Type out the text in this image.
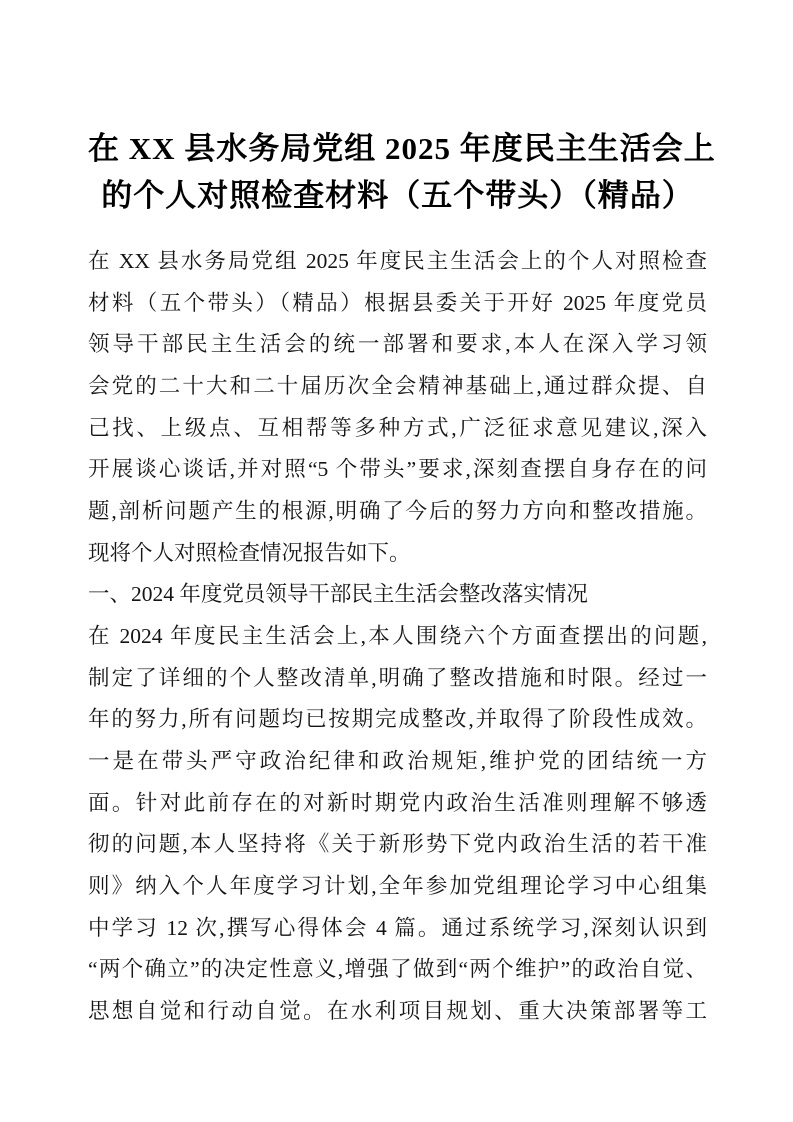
在 XX 县水务局党组 2025 年度民主生活会上
的个人对照检查材料（五个带头）（精品）
在 XX 县水务局党组 2025 年度民主生活会上的个人对照检查
材料（五个带头）（精品）根据县委关于开好 2025 年度党员
领导干部民主生活会的统一部署和要求,本人在深入学习领
会党的二十大和二十届历次全会精神基础上,通过群众提、自
己找、上级点、互相帮等多种方式,广泛征求意见建议,深入
开展谈心谈话,并对照“5 个带头”要求,深刻查摆自身存在的问
题,剖析问题产生的根源,明确了今后的努力方向和整改措施。
现将个人对照检查情况报告如下。
一、2024 年度党员领导干部民主生活会整改落实情况
在 2024 年度民主生活会上,本人围绕六个方面查摆出的问题,
制定了详细的个人整改清单,明确了整改措施和时限。经过一
年的努力,所有问题均已按期完成整改,并取得了阶段性成效。
一是在带头严守政治纪律和政治规矩,维护党的团结统一方
面。针对此前存在的对新时期党内政治生活准则理解不够透
彻的问题,本人坚持将《关于新形势下党内政治生活的若干准
则》纳入个人年度学习计划,全年参加党组理论学习中心组集
中学习 12 次,撰写心得体会 4 篇。通过系统学习,深刻认识到
“两个确立”的决定性意义,增强了做到“两个维护”的政治自觉、
思想自觉和行动自觉。在水利项目规划、重大决策部署等工
